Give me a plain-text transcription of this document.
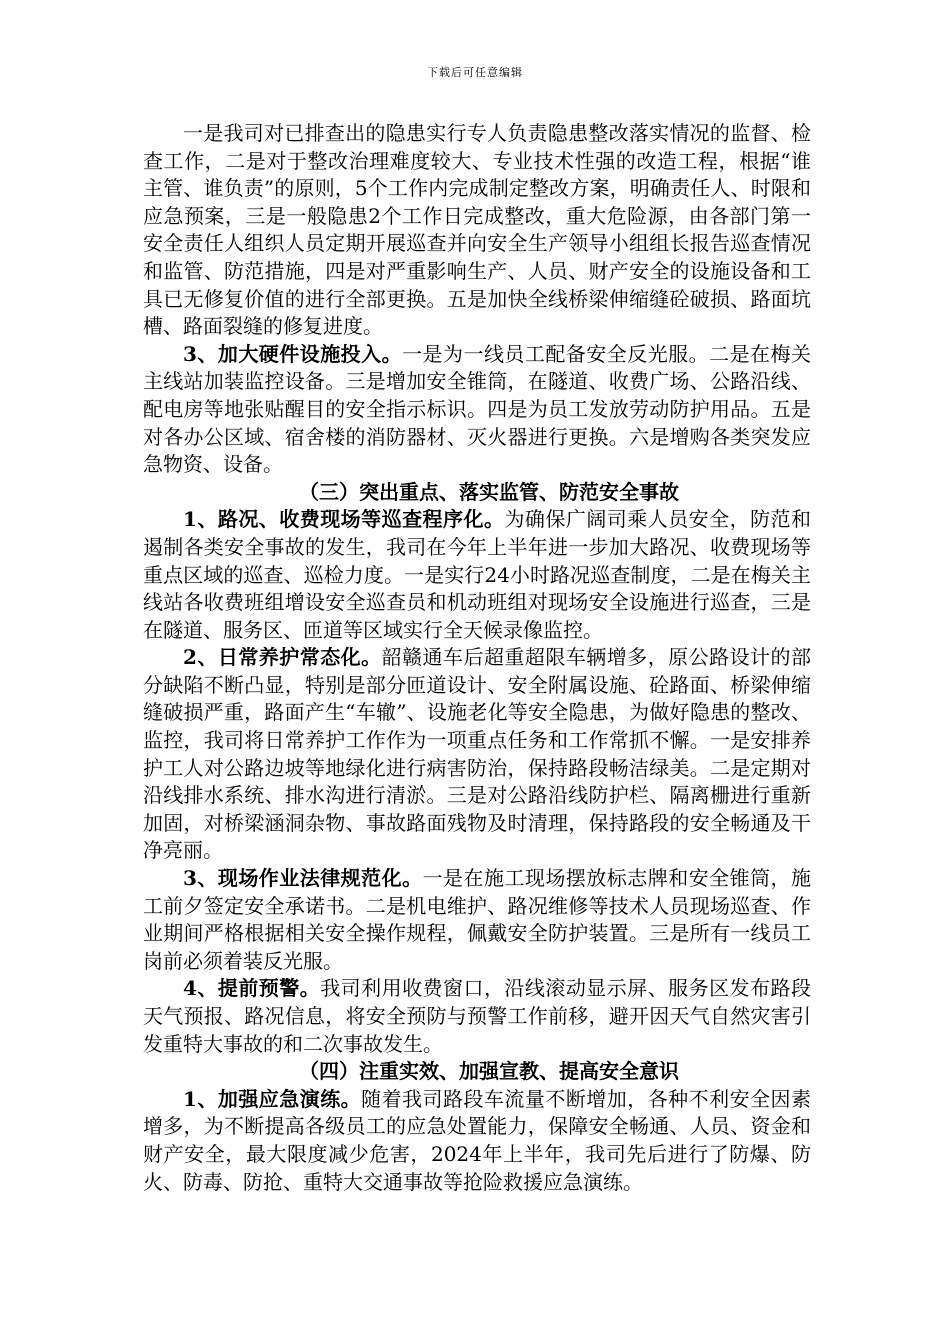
下载后可任意编辑

一是我司对已排查出的隐患实行专人负责隐患整改落实情况的监督、检查工作，二是对于整改治理难度较大、专业技术性强的改造工程，根据“谁主管、谁负责”的原则，5个工作内完成制定整改方案，明确责任人、时限和应急预案，三是一般隐患2个工作日完成整改，重大危险源，由各部门第一安全责任人组织人员定期开展巡查并向安全生产领导小组组长报告巡查情况和监管、防范措施，四是对严重影响生产、人员、财产安全的设施设备和工具已无修复价值的进行全部更换。五是加快全线桥梁伸缩缝砼破损、路面坑槽、路面裂缝的修复进度。

3、加大硬件设施投入。一是为一线员工配备安全反光服。二是在梅关主线站加装监控设备。三是增加安全锥筒，在隧道、收费广场、公路沿线、配电房等地张贴醒目的安全指示标识。四是为员工发放劳动防护用品。五是对各办公区域、宿舍楼的消防器材、灭火器进行更换。六是增购各类突发应急物资、设备。

（三）突出重点、落实监管、防范安全事故

1、路况、收费现场等巡查程序化。为确保广阔司乘人员安全，防范和遏制各类安全事故的发生，我司在今年上半年进一步加大路况、收费现场等重点区域的巡查、巡检力度。一是实行24小时路况巡查制度，二是在梅关主线站各收费班组增设安全巡查员和机动班组对现场安全设施进行巡查，三是在隧道、服务区、匝道等区域实行全天候录像监控。

2、日常养护常态化。韶赣通车后超重超限车辆增多，原公路设计的部分缺陷不断凸显，特别是部分匝道设计、安全附属设施、砼路面、桥梁伸缩缝破损严重，路面产生“车辙”、设施老化等安全隐患，为做好隐患的整改、监控，我司将日常养护工作作为一项重点任务和工作常抓不懈。一是安排养护工人对公路边坡等地绿化进行病害防治，保持路段畅洁绿美。二是定期对沿线排水系统、排水沟进行清淤。三是对公路沿线防护栏、隔离栅进行重新加固，对桥梁涵洞杂物、事故路面残物及时清理，保持路段的安全畅通及干净亮丽。

3、现场作业法律规范化。一是在施工现场摆放标志牌和安全锥筒，施工前夕签定安全承诺书。二是机电维护、路况维修等技术人员现场巡查、作业期间严格根据相关安全操作规程，佩戴安全防护装置。三是所有一线员工岗前必须着装反光服。

4、提前预警。我司利用收费窗口，沿线滚动显示屏、服务区发布路段天气预报、路况信息，将安全预防与预警工作前移，避开因天气自然灾害引发重特大事故的和二次事故发生。

（四）注重实效、加强宣教、提高安全意识

1、加强应急演练。随着我司路段车流量不断增加，各种不利安全因素增多，为不断提高各级员工的应急处置能力，保障安全畅通、人员、资金和财产安全，最大限度减少危害，2024年上半年，我司先后进行了防爆、防火、防毒、防抢、重特大交通事故等抢险救援应急演练。
